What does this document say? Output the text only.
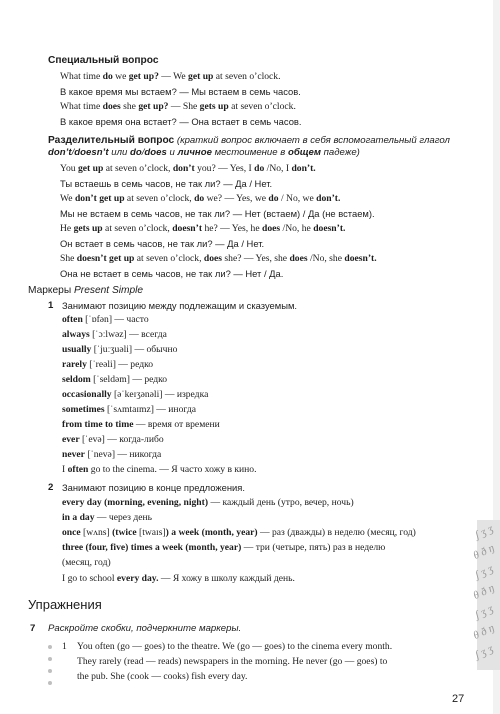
Специальный вопрос
What time do we get up? — We get up at seven o’clock.
В какое время мы встаем? — Мы встаем в семь часов.
What time does she get up? — She gets up at seven o’clock.
В какое время она встает? — Она встает в семь часов.
Разделительный вопрос (краткий вопрос включает в себя вспомогательный глагол
don’t/doesn’t или do/does и личное местоимение в общем падеже)
You get up at seven o’clock, don’t you? — Yes, I do /No, I don’t.
Ты встаешь в семь часов, не так ли? — Да / Нет.
We don’t get up at seven o’clock, do we? — Yes, we do / No, we don’t.
Мы не встаем в семь часов, не так ли? — Нет (встаем) / Да (не встаем).
He gets up at seven o’clock, doesn’t he? — Yes, he does /No, he doesn’t.
Он встает в семь часов, не так ли? — Да / Нет.
She doesn’t get up at seven o’clock, does she? — Yes, she does /No, she doesn’t.
Она не встает в семь часов, не так ли? — Нет / Да.
Маркеры Present Simple
1 Занимают позицию между подлежащим и сказуемым.
often [ˈɒfən] — часто
always [ˈɔːlwəz] — всегда
usually [ˈjuːʒuəli] — обычно
rarely [ˈreəli] — редко
seldom [ˈseldəm] — редко
occasionally [əˈkeɪʒənəli] — изредка
sometimes [ˈsʌmtaɪmz] — иногда
from time to time — время от времени
ever [ˈevə] — когда-либо
never [ˈnevə] — никогда
I often go to the cinema. — Я часто хожу в кино.
2 Занимают позицию в конце предложения.
every day (morning, evening, night) — каждый день (утро, вечер, ночь)
in a day — через день
once [wʌns] (twice [twaɪs]) a week (month, year) — раз (дважды) в неделю (месяц, год)
three (four, five) times a week (month, year) — три (четыре, пять) раз в неделю
(месяц, год)
I go to school every day. — Я хожу в школу каждый день.
Упражнения
7 Раскройте скобки, подчеркните маркеры.
1 You often (go — goes) to the theatre. We (go — goes) to the cinema every month.
They rarely (read — reads) newspapers in the morning. He never (go — goes) to
the pub. She (cook — cooks) fish every day.
27
ʃ ʒ ʒ
θ ð ŋ
ʃ ʒ ʒ
θ ð ŋ
ʃ ʒ ʒ
θ ð ŋ
ʃ ʒ ʒ
